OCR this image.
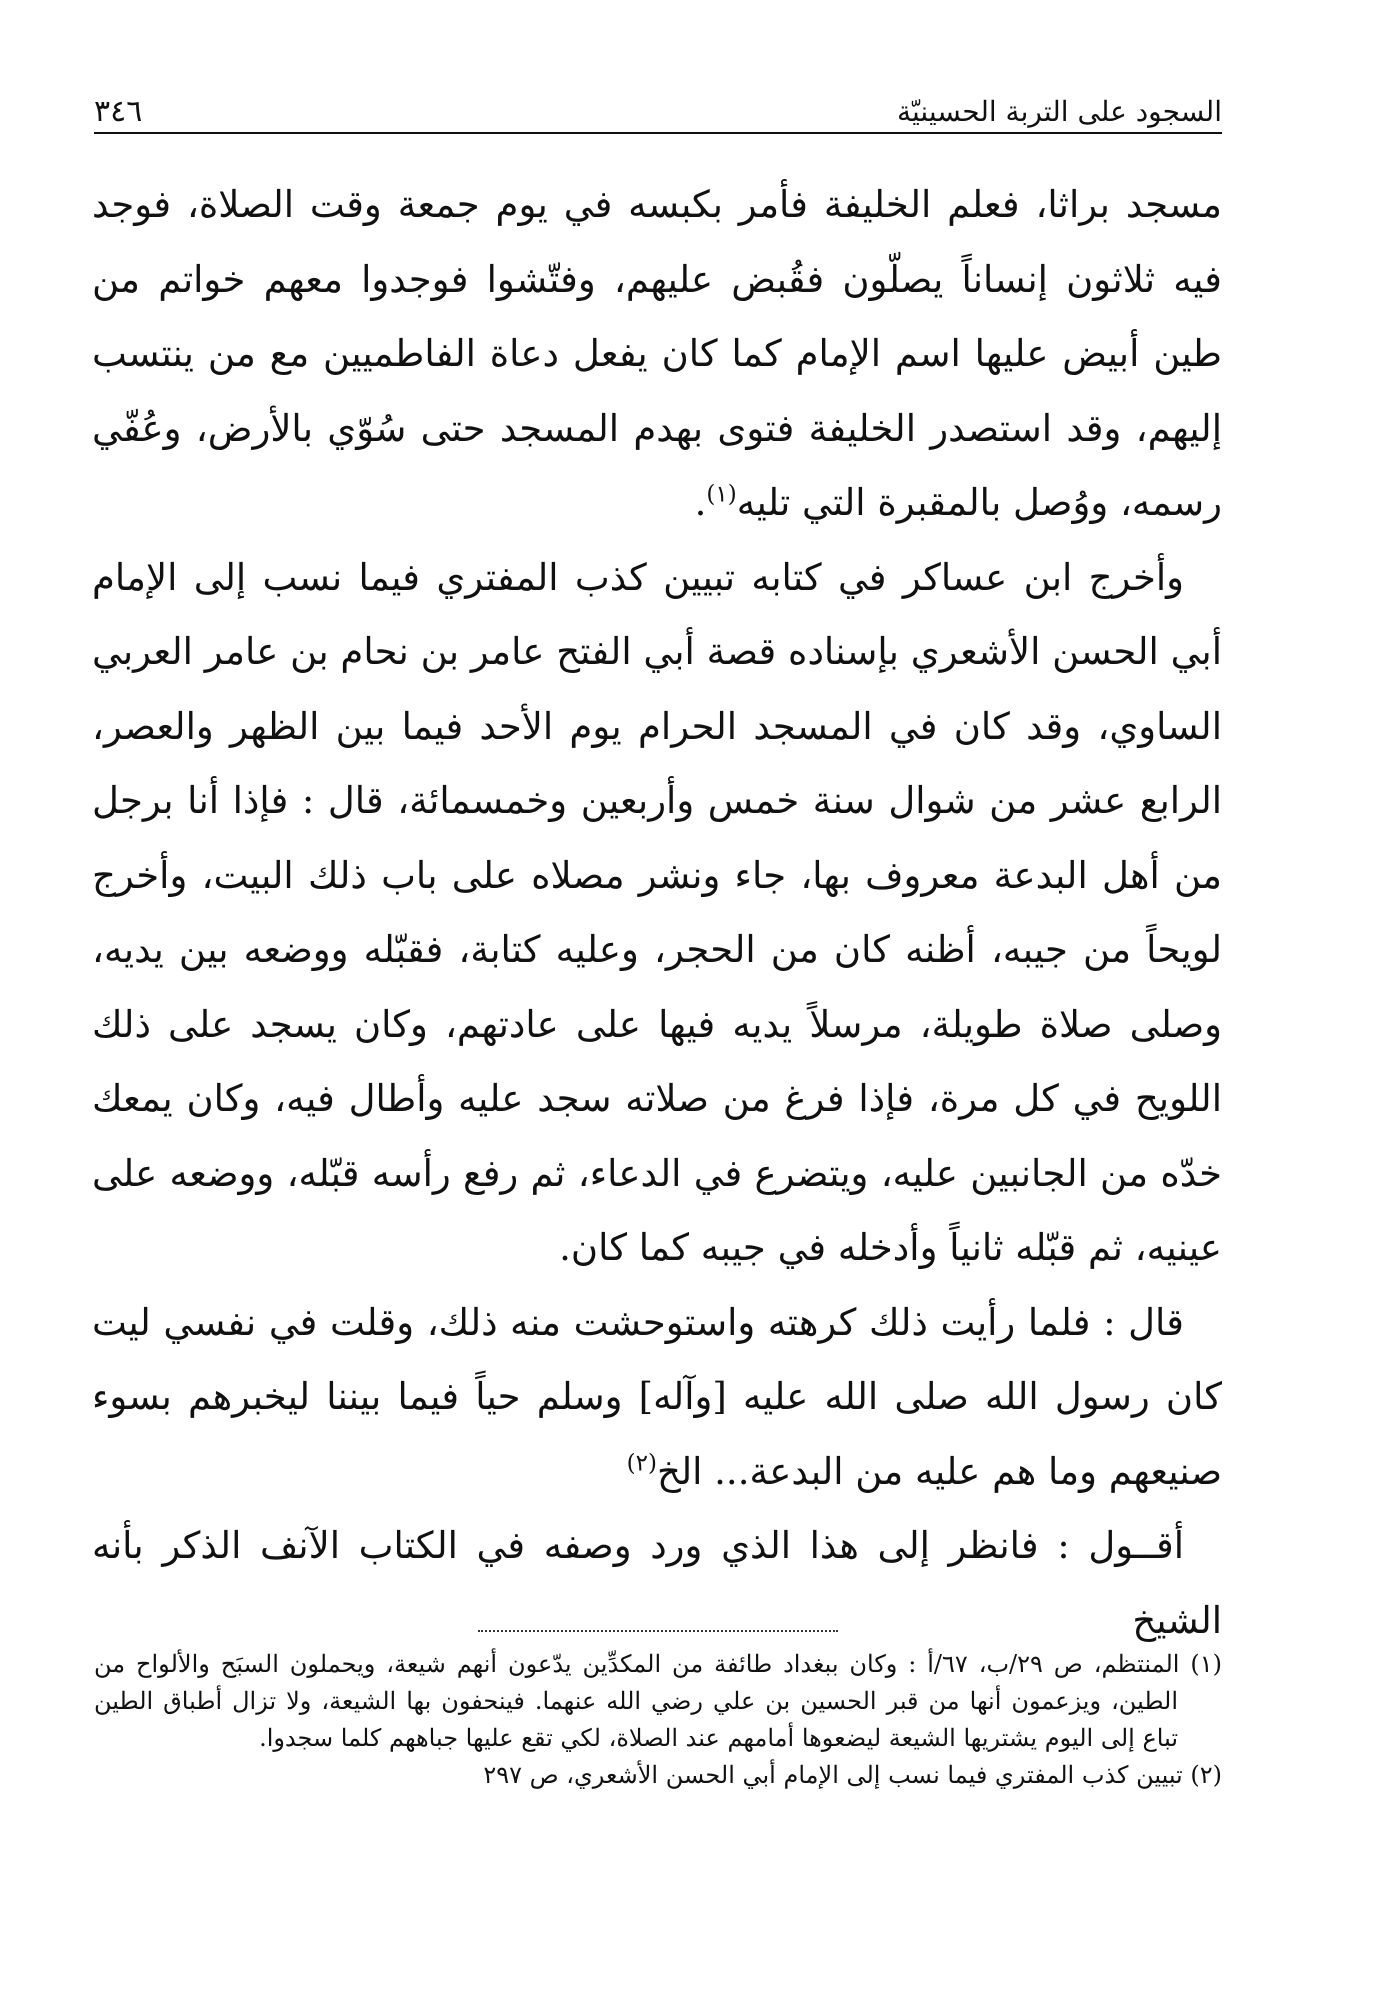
السجود على التربة الحسينيّة
٣٤٦

مسجد براثا، فعلم الخليفة فأمر بكبسه في يوم جمعة وقت الصلاة، فوجد فيه ثلاثون إنساناً يصلّون فقُبض عليهم، وفتّشوا فوجدوا معهم خواتم من طين أبيض عليها اسم الإمام كما كان يفعل دعاة الفاطميين مع من ينتسب إليهم، وقد استصدر الخليفة فتوى بهدم المسجد حتى سُوّي بالأرض، وعُفّي رسمه، ووُصل بالمقبرة التي تليه$^{(١)}$.

وأخرج ابن عساكر في كتابه تبيين كذب المفتري فيما نسب إلى الإمام أبي الحسن الأشعري بإسناده قصة أبي الفتح عامر بن نحام بن عامر العربي الساوي، وقد كان في المسجد الحرام يوم الأحد فيما بين الظهر والعصر، الرابع عشر من شوال سنة خمس وأربعين وخمسمائة، قال : فإذا أنا برجل من أهل البدعة معروف بها، جاء ونشر مصلاه على باب ذلك البيت، وأخرج لويحاً من جيبه، أظنه كان من الحجر، وعليه كتابة، فقبّله ووضعه بين يديه، وصلى صلاة طويلة، مرسلاً يديه فيها على عادتهم، وكان يسجد على ذلك اللويح في كل مرة، فإذا فرغ من صلاته سجد عليه وأطال فيه، وكان يمعك خدّه من الجانبين عليه، ويتضرع في الدعاء، ثم رفع رأسه قبّله، ووضعه على عينيه، ثم قبّله ثانياً وأدخله في جيبه كما كان.

قال : فلما رأيت ذلك كرهته واستوحشت منه ذلك، وقلت في نفسي ليت كان رسول الله صلى الله عليه [وآله] وسلم حياً فيما بيننا ليخبرهم بسوء صنيعهم وما هم عليه من البدعة... الخ$^{(٢)}$

أقــول : فانظر إلى هذا الذي ورد وصفه في الكتاب الآنف الذكر بأنه الشيخ

(١) المنتظم، ص ٢٩/ب، ٦٧/أ : وكان ببغداد طائفة من المكدِّين يدّعون أنهم شيعة، ويحملون السبَح والألواح من الطين، ويزعمون أنها من قبر الحسين بن علي رضي الله عنهما. فينحفون بها الشيعة، ولا تزال أطباق الطين تباع إلى اليوم يشتريها الشيعة ليضعوها أمامهم عند الصلاة، لكي تقع عليها جباههم كلما سجدوا.

(٢) تبيين كذب المفتري فيما نسب إلى الإمام أبي الحسن الأشعري، ص ٢٩٧
